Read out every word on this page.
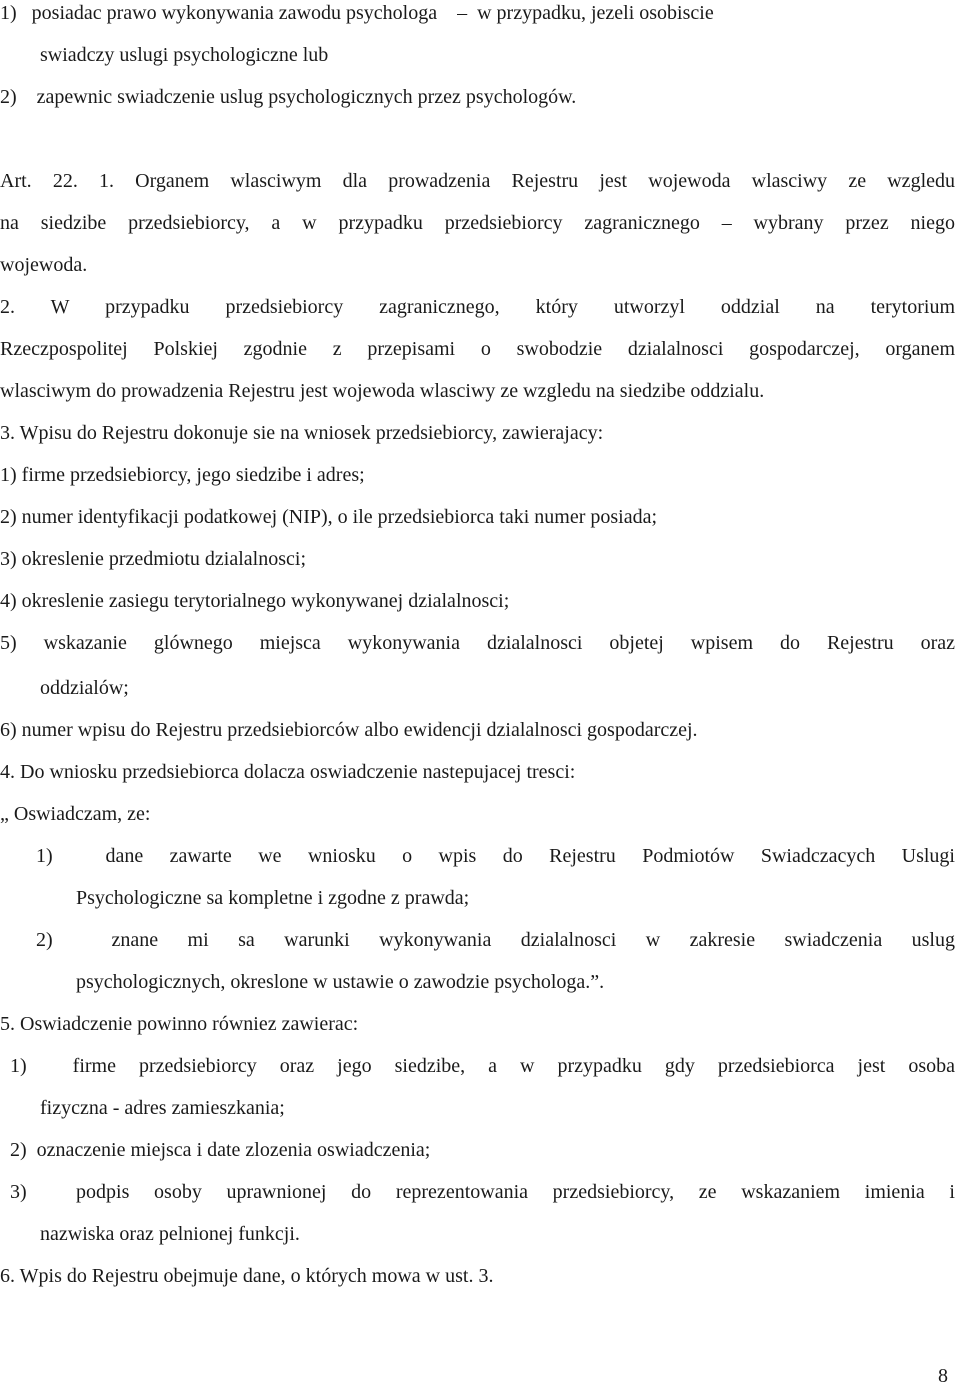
1)   posiadac prawo wykonywania zawodu psychologa    –  w przypadku, jezeli osobiscie
swiadczy uslugi psychologiczne lub
2)    zapewnic swiadczenie uslug psychologicznych przez psychologów.
Art. 22. 1. Organem wlasciwym dla prowadzenia Rejestru jest wojewoda wlasciwy ze wzgledu
na siedzibe przedsiebiorcy, a w przypadku przedsiebiorcy zagranicznego – wybrany przez niego
wojewoda.
2. W przypadku przedsiebiorcy zagranicznego, który utworzyl oddzial na terytorium
Rzeczpospolitej Polskiej zgodnie z przepisami o swobodzie dzialalnosci gospodarczej, organem
wlasciwym do prowadzenia Rejestru jest wojewoda wlasciwy ze wzgledu na siedzibe oddzialu.
3. Wpisu do Rejestru dokonuje sie na wniosek przedsiebiorcy, zawierajacy:
1) firme przedsiebiorcy, jego siedzibe i adres;
2) numer identyfikacji podatkowej (NIP), o ile przedsiebiorca taki numer posiada;
3) okreslenie przedmiotu dzialalnosci;
4) okreslenie zasiegu terytorialnego wykonywanej dzialalnosci;
5) wskazanie glównego miejsca wykonywania dzialalnosci objetej wpisem do Rejestru oraz
oddzialów;
6) numer wpisu do Rejestru przedsiebiorców albo ewidencji dzialalnosci gospodarczej.
4. Do wniosku przedsiebiorca dolacza oswiadczenie nastepujacej tresci:
„ Oswiadczam, ze:
1)  dane zawarte we wniosku o wpis do Rejestru Podmiotów Swiadczacych Uslugi
Psychologiczne sa kompletne i zgodne z prawda;
2)  znane mi sa warunki wykonywania dzialalnosci w zakresie swiadczenia uslug
psychologicznych, okreslone w ustawie o zawodzie psychologa.”.
5. Oswiadczenie powinno równiez zawierac:
1)  firme przedsiebiorcy oraz jego siedzibe, a w przypadku gdy przedsiebiorca jest osoba
fizyczna - adres zamieszkania;
2)  oznaczenie miejsca i date zlozenia oswiadczenia;
3)  podpis osoby uprawnionej do reprezentowania przedsiebiorcy, ze wskazaniem imienia i
nazwiska oraz pelnionej funkcji.
6. Wpis do Rejestru obejmuje dane, o których mowa w ust. 3.
8
